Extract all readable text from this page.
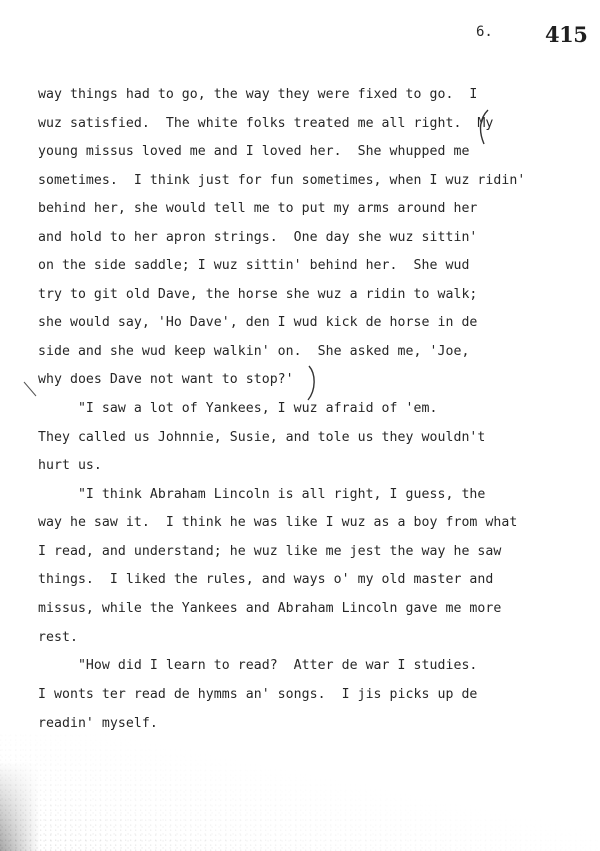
6. 415
way things had to go, the way they were fixed to go.  I
wuz satisfied.  The white folks treated me all right.  My
young missus loved me and I loved her.  She whupped me
sometimes.  I think just for fun sometimes, when I wuz ridin'
behind her, she would tell me to put my arms around her
and hold to her apron strings.  One day she wuz sittin'
on the side saddle; I wuz sittin' behind her.  She wud
try to git old Dave, the horse she wuz a ridin to walk;
she would say, 'Ho Dave', den I wud kick de horse in de
side and she wud keep walkin' on.  She asked me, 'Joe,
why does Dave not want to stop?'
"I saw a lot of Yankees, I wuz afraid of 'em.
They called us Johnnie, Susie, and tole us they wouldn't
hurt us.
"I think Abraham Lincoln is all right, I guess, the
way he saw it.  I think he was like I wuz as a boy from what
I read, and understand; he wuz like me jest the way he saw
things.  I liked the rules, and ways o' my old master and
missus, while the Yankees and Abraham Lincoln gave me more
rest.
"How did I learn to read?  Atter de war I studies.
I wonts ter read de hymms an' songs.  I jis picks up de
readin' myself.
